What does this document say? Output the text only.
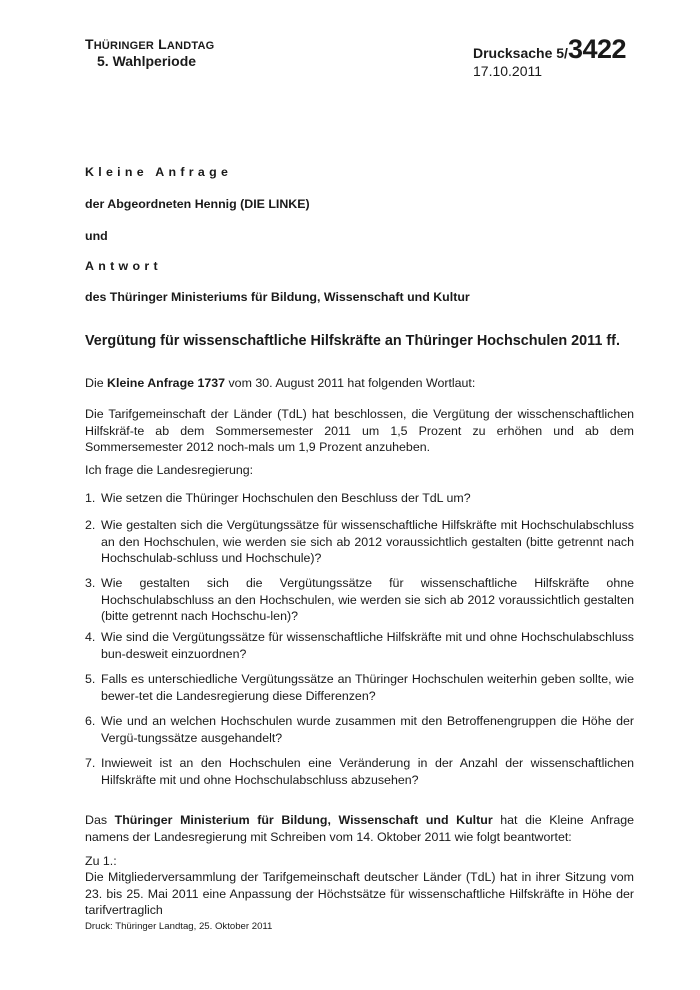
THÜRINGER LANDTAG
5. Wahlperiode
Drucksache 5/ 3422
17.10.2011
Kleine Anfrage
der Abgeordneten Hennig (DIE LINKE)
und
Antwort
des Thüringer Ministeriums für Bildung, Wissenschaft und Kultur
Vergütung für wissenschaftliche Hilfskräfte an Thüringer Hochschulen 2011 ff.
Die Kleine Anfrage 1737 vom 30. August 2011 hat folgenden Wortlaut:
Die Tarifgemeinschaft der Länder (TdL) hat beschlossen, die Vergütung der wisschenschaftlichen Hilfskräf-te ab dem Sommersemester 2011 um 1,5 Prozent zu erhöhen und ab dem Sommersemester 2012 noch-mals um 1,9 Prozent anzuheben.
Ich frage die Landesregierung:
1. Wie setzen die Thüringer Hochschulen den Beschluss der TdL um?
2. Wie gestalten sich die Vergütungssätze für wissenschaftliche Hilfskräfte mit Hochschulabschluss an den Hochschulen, wie werden sie sich ab 2012 voraussichtlich gestalten (bitte getrennt nach Hochschulab-schluss und Hochschule)?
3. Wie gestalten sich die Vergütungssätze für wissenschaftliche Hilfskräfte ohne Hochschulabschluss an den Hochschulen, wie werden sie sich ab 2012 voraussichtlich gestalten (bitte getrennt nach Hochschu-len)?
4. Wie sind die Vergütungssätze für wissenschaftliche Hilfskräfte mit und ohne Hochschulabschluss bun-desweit einzuordnen?
5. Falls es unterschiedliche Vergütungssätze an Thüringer Hochschulen weiterhin geben sollte, wie bewer-tet die Landesregierung diese Differenzen?
6. Wie und an welchen Hochschulen wurde zusammen mit den Betroffenengruppen die Höhe der Vergü-tungssätze ausgehandelt?
7. Inwieweit ist an den Hochschulen eine Veränderung in der Anzahl der wissenschaftlichen Hilfskräfte mit und ohne Hochschulabschluss abzusehen?
Das Thüringer Ministerium für Bildung, Wissenschaft und Kultur hat die Kleine Anfrage namens der Landesregierung mit Schreiben vom 14. Oktober 2011 wie folgt beantwortet:
Zu 1.:
Die Mitgliederversammlung der Tarifgemeinschaft deutscher Länder (TdL) hat in ihrer Sitzung vom 23. bis 25. Mai 2011 eine Anpassung der Höchstsätze für wissenschaftliche Hilfskräfte in Höhe der tarifvertraglich
Druck: Thüringer Landtag, 25. Oktober 2011
